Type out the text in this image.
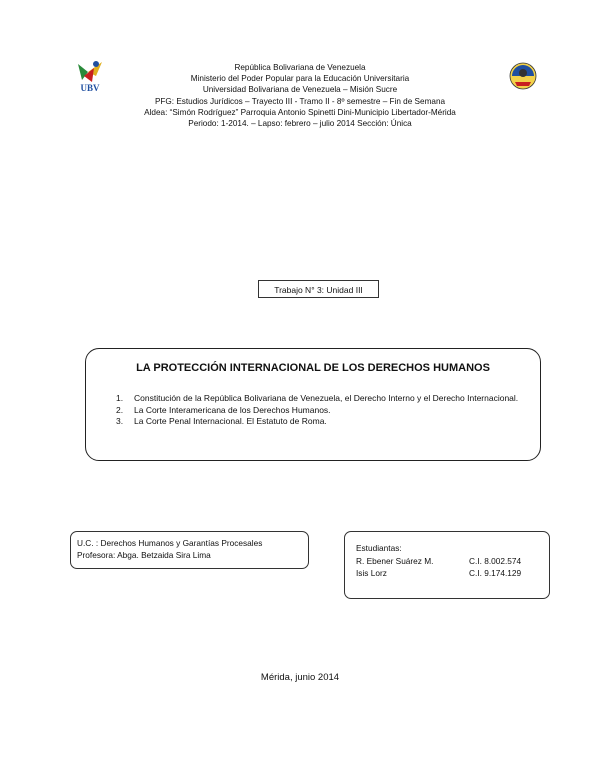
UBV
República Bolivariana de Venezuela
Ministerio del Poder Popular para la Educación Universitaria
Universidad Bolivariana de Venezuela – Misión Sucre
PFG: Estudios Jurídicos – Trayecto III - Tramo II - 8º semestre – Fin de Semana
Aldea: “Simón Rodríguez” Parroquia Antonio Spinetti Dini-Municipio Libertador-Mérida
Periodo: 1-2014. – Lapso: febrero – julio 2014 Sección: Única
Trabajo N° 3: Unidad III
LA PROTECCIÓN INTERNACIONAL DE LOS DERECHOS HUMANOS
1.	Constitución de la República Bolivariana de Venezuela, el Derecho Interno y el Derecho Internacional.
2.	La Corte Interamericana de los Derechos Humanos.
3.	La Corte Penal Internacional. El Estatuto de Roma.
U.C. : Derechos Humanos y Garantías Procesales
Profesora: Abga. Betzaida Sira Lima
Estudiantas:
R. Ebener Suárez M.	C.I. 8.002.574
Isis Lorz	C.I. 9.174.129
Mérida, junio 2014
